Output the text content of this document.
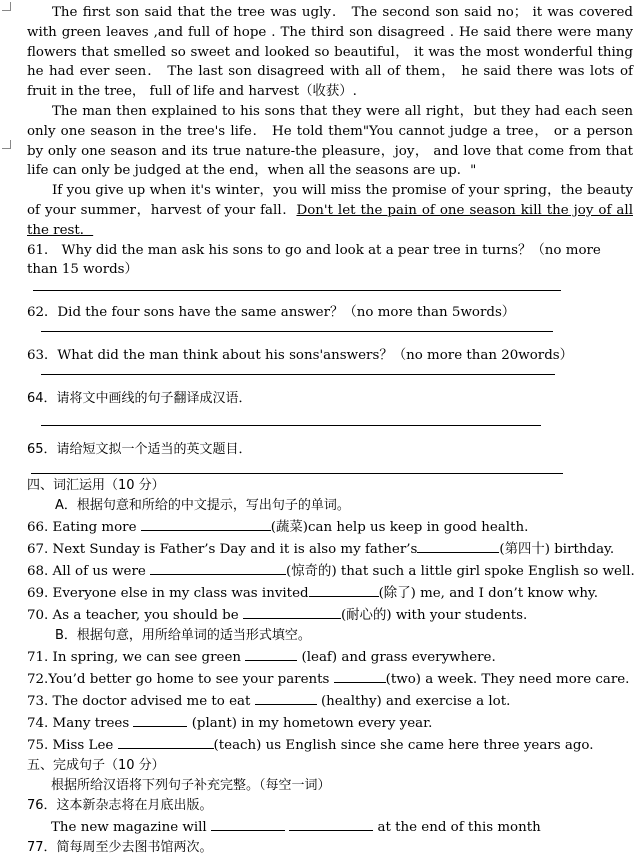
The first son said that the tree was ugly． The second son said no； it was covered with green leaves ,and full of hope . The third son disagreed . He said there were many flowers that smelled so sweet and looked so beautiful， it was the most wonderful thing he had ever seen． The last son disagreed with all of them， he said there was lots of fruit in the tree， full of life and harvest（收获）.

The man then explained to his sons that they were all right，but they had each seen only one season in the tree's life． He told them"You cannot judge a tree， or a person by only one season and its true nature-the pleasure，joy， and love that come from that life can only be judged at the end，when all the seasons are up．"

If you give up when it's winter，you will miss the promise of your spring，the beauty of your summer，harvest of your fall．Don't let the pain of one season kill the joy of all the rest．

61． Why did the man ask his sons to go and look at a pear tree in turns？（no more than 15 words）

62．Did the four sons have the same answer？（no more than 5words）

63．What did the man think about his sons'answers？（no more than 20words）

64．请将文中画线的句子翻译成汉语．

65．请给短文拟一个适当的英文题目．

四、词汇运用（10 分）

A．根据句意和所给的中文提示，写出句子的单词。

66. Eating more	(蔬菜)can help us keep in good health.

67. Next Sunday is Father’s Day and it is also my father’s	(第四十) birthday.

68. All of us were	(惊奇的) that such a little girl spoke English so well.

69. Everyone else in my class was invited	(除了) me, and I don’t know why.

70. As a teacher, you should be	(耐心的) with your students.

B．根据句意，用所给单词的适当形式填空。

71. In spring, we can see green	(leaf) and grass everywhere.

72.You’d better go home to see your parents	(two) a week. They need more care.

73. The doctor advised me to eat	(healthy) and exercise a lot.

74. Many trees	(plant) in my hometown every year.

75. Miss Lee	(teach) us English since she came here three years ago.

五、完成句子（10 分）

根据所给汉语将下列句子补充完整。（每空一词）

76．这本新杂志将在月底出版。

The new magazine will	at the end of this month

77．简每周至少去图书馆两次。
